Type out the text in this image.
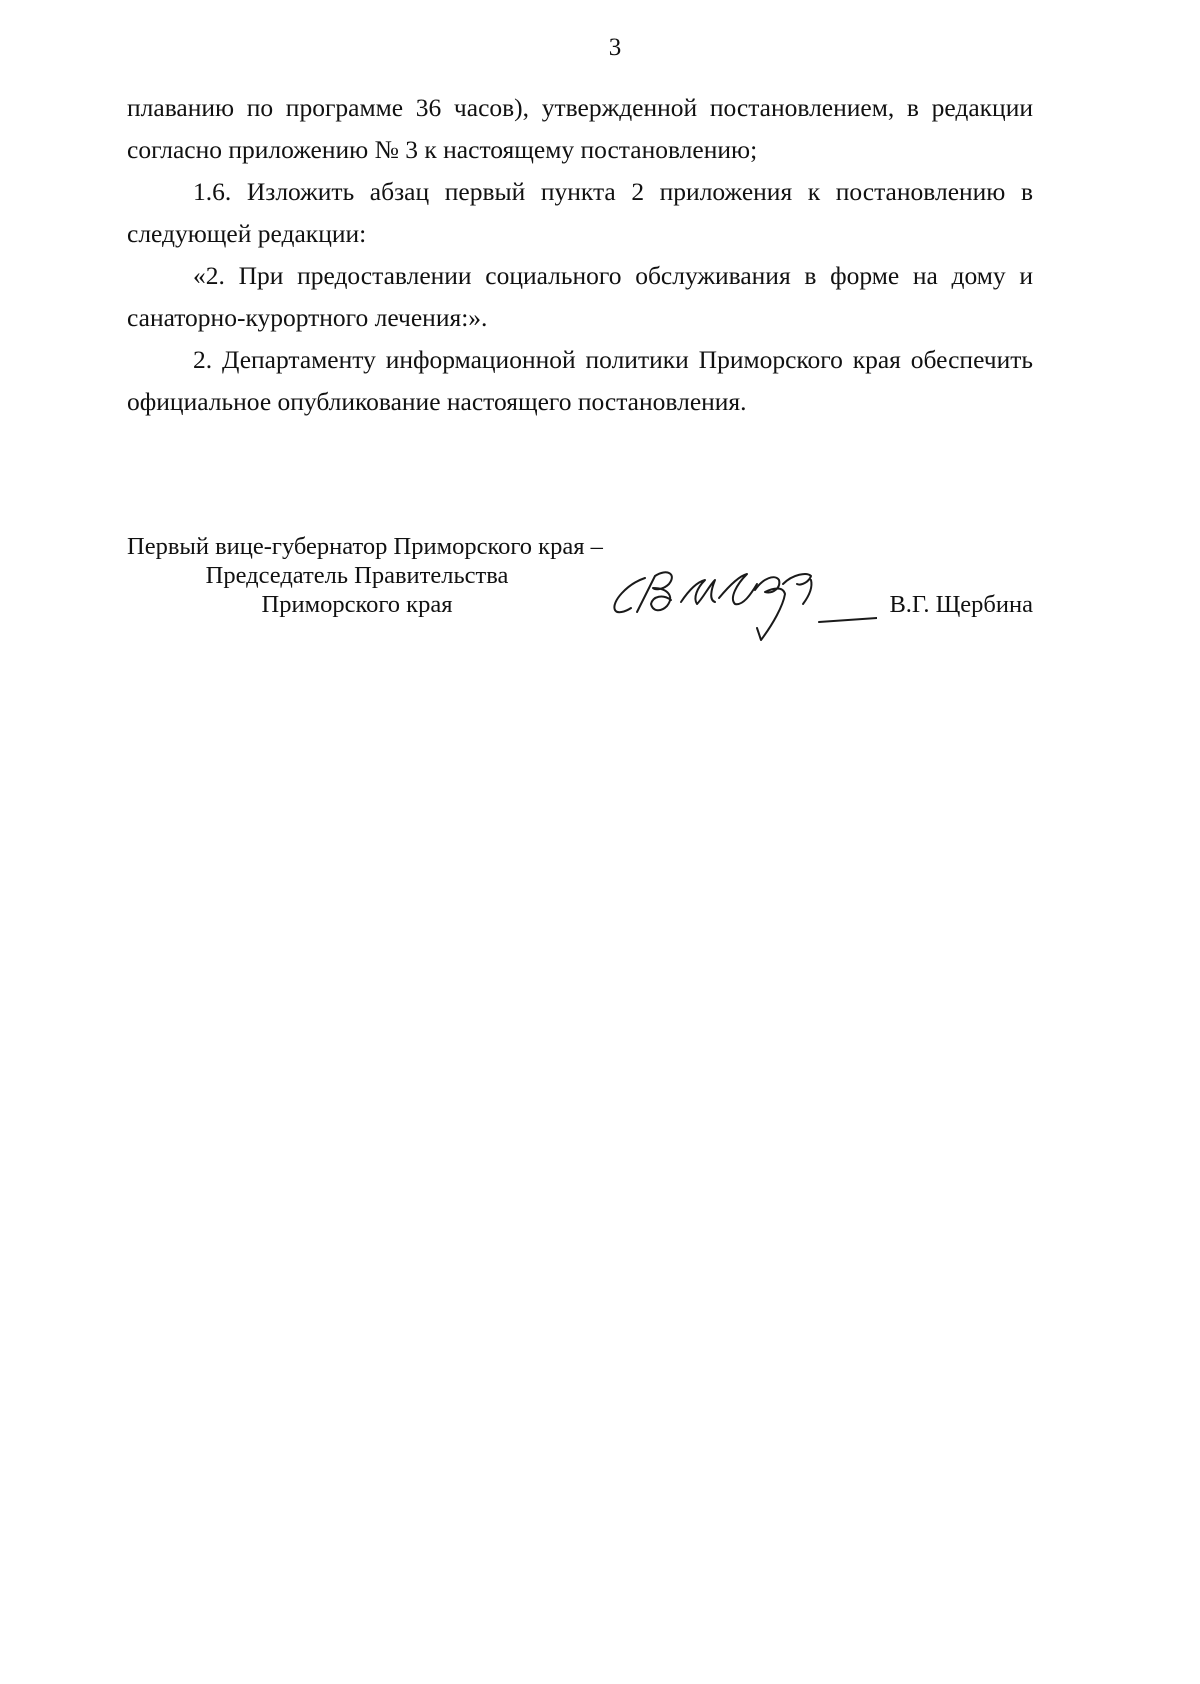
3

плаванию по программе 36 часов), утвержденной постановлением, в редакции

согласно приложению № 3 к настоящему постановлению;

1.6. Изложить абзац первый пункта 2 приложения к постановлению в следующей редакции:

«2. При предоставлении социального обслуживания в форме на дому и санаторно-курортного лечения:».

2. Департаменту информационной политики Приморского края обеспечить официальное опубликование настоящего постановления.

Первый вице-губернатор Приморского края –
Председатель Правительства
Приморского края	В.Г. Щербина
